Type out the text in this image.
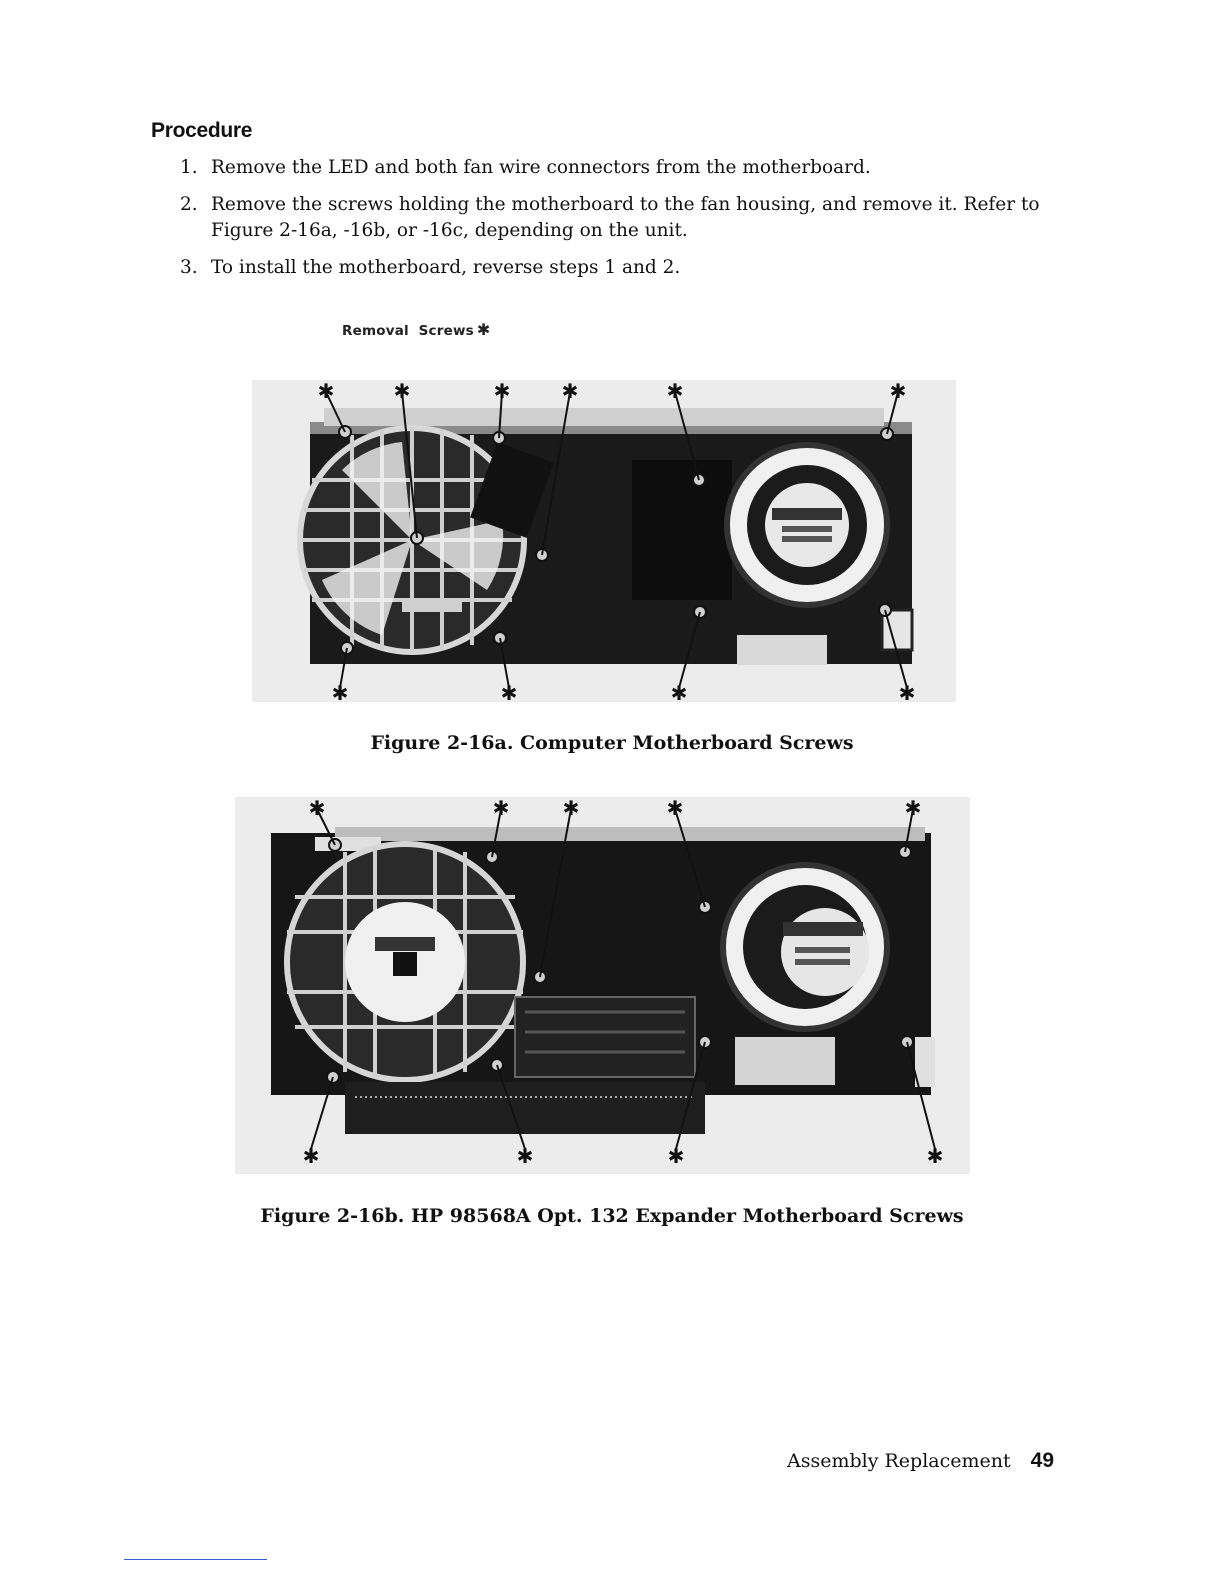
Procedure
1. Remove the LED and both fan wire connectors from the motherboard.
2. Remove the screws holding the motherboard to the fan housing, and remove it. Refer to Figure 2-16a, -16b, or -16c, depending on the unit.
3. To install the motherboard, reverse steps 1 and 2.
Removal  Screws ✱
✱	✱	✱	✱	✱	✱
✱	✱	✱	✱
Figure 2-16a. Computer Motherboard Screws
✱	✱	✱	✱	✱
✱	✱	✱	✱
Figure 2-16b. HP 98568A Opt. 132 Expander Motherboard Screws
Assembly Replacement 49
